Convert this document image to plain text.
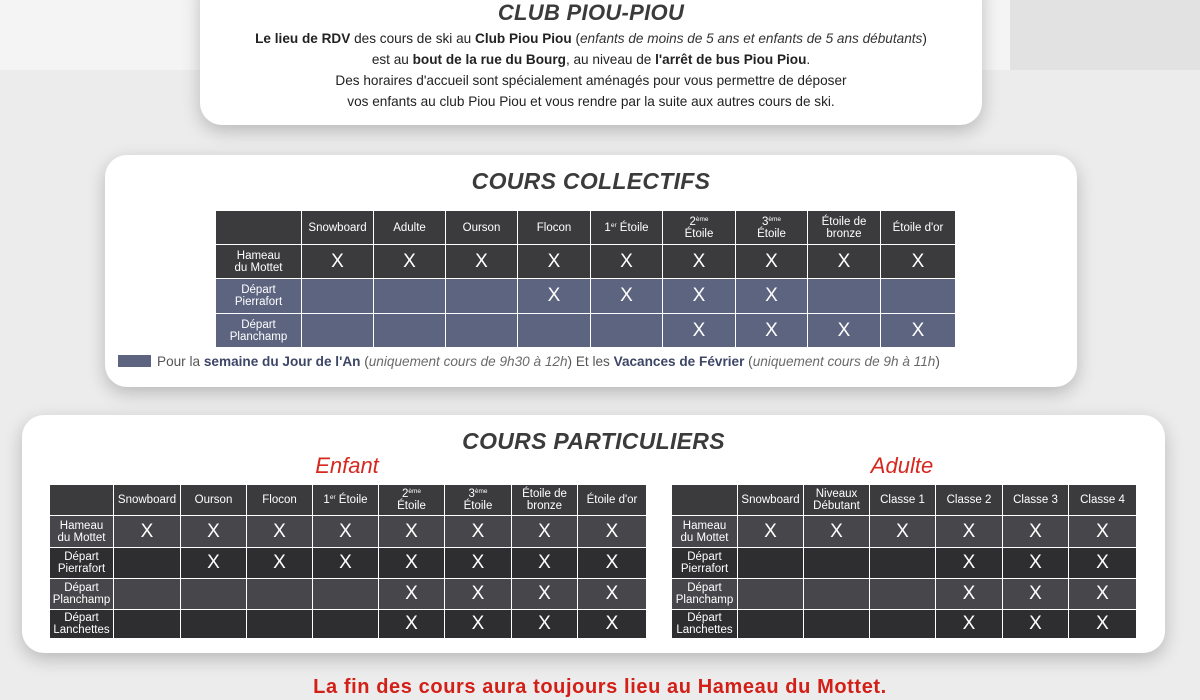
CLUB PIOU-PIOU
Le lieu de RDV des cours de ski au Club Piou Piou (enfants de moins de 5 ans et enfants de 5 ans débutants)
est au bout de la rue du Bourg, au niveau de l'arrêt de bus Piou Piou.
Des horaires d'accueil sont spécialement aménagés pour vous permettre de déposer
vos enfants au club Piou Piou et vous rendre par la suite aux autres cours de ski.
COURS COLLECTIFS
	Snowboard	Adulte	Ourson	Flocon	1er Étoile	2ème
Étoile	3ème
Étoile	Étoile de
bronze	Étoile d'or
Hameau
du Mottet	X	X	X	X	X	X	X	X	X
Départ
Pierrafort				X	X	X	X		
Départ
Planchamp						X	X	X	X
Pour la semaine du Jour de l'An (uniquement cours de 9h30 à 12h) Et les Vacances de Février (uniquement cours de 9h à 11h)
COURS PARTICULIERS
Enfant	Adulte
	Snowboard	Ourson	Flocon	1er Étoile	2ème
Étoile	3ème
Étoile	Étoile de
bronze	Étoile d'or
Hameau
du Mottet	X	X	X	X	X	X	X	X
Départ
Pierrafort		X	X	X	X	X	X	X
Départ
Planchamp					X	X	X	X
Départ
Lanchettes					X	X	X	X
	Snowboard	Niveaux
Débutant	Classe 1	Classe 2	Classe 3	Classe 4
Hameau
du Mottet	X	X	X	X	X	X
Départ
Pierrafort				X	X	X
Départ
Planchamp				X	X	X
Départ
Lanchettes				X	X	X
La fin des cours aura toujours lieu au Hameau du Mottet.
